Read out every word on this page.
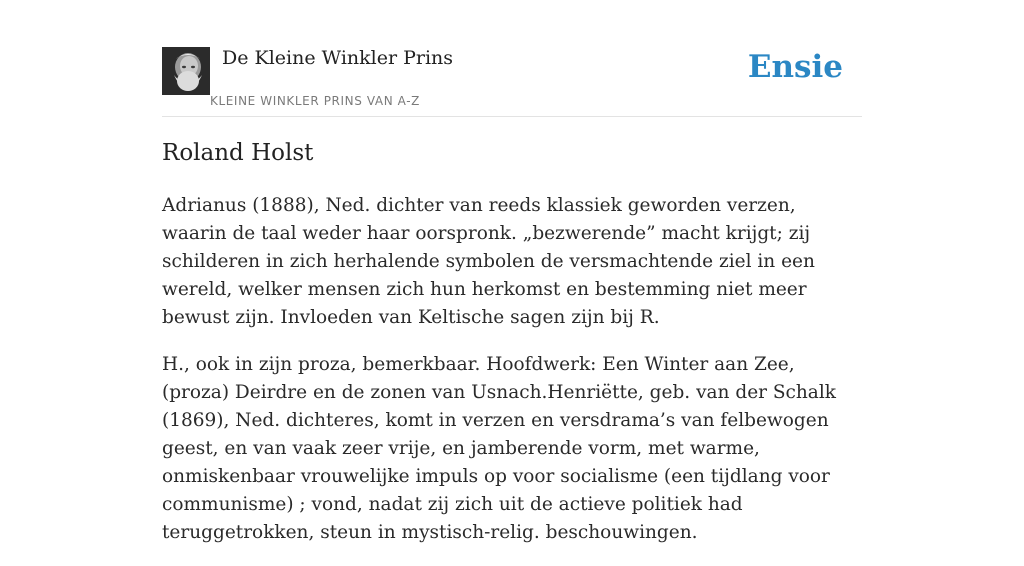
De Kleine Winkler Prins
KLEINE WINKLER PRINS VAN A-Z
Ensie
Roland Holst

Adrianus (1888), Ned. dichter van reeds klassiek geworden verzen, waarin de taal weder haar oorspronk. „bezwerende” macht krijgt; zij schilderen in zich herhalende symbolen de versmachtende ziel in een wereld, welker mensen zich hun herkomst en bestemming niet meer bewust zijn. Invloeden van Keltische sagen zijn bij R.

H., ook in zijn proza, bemerkbaar. Hoofdwerk: Een Winter aan Zee, (proza) Deirdre en de zonen van Usnach.Henriëtte, geb. van der Schalk (1869), Ned. dichteres, komt in verzen en versdrama’s van felbewogen geest, en van vaak zeer vrije, en jamberende vorm, met warme, onmiskenbaar vrouwelijke impuls op voor socialisme (een tijdlang voor communisme) ; vond, nadat zij zich uit de actieve politiek had teruggetrokken, steun in mystisch-relig. beschouwingen.
